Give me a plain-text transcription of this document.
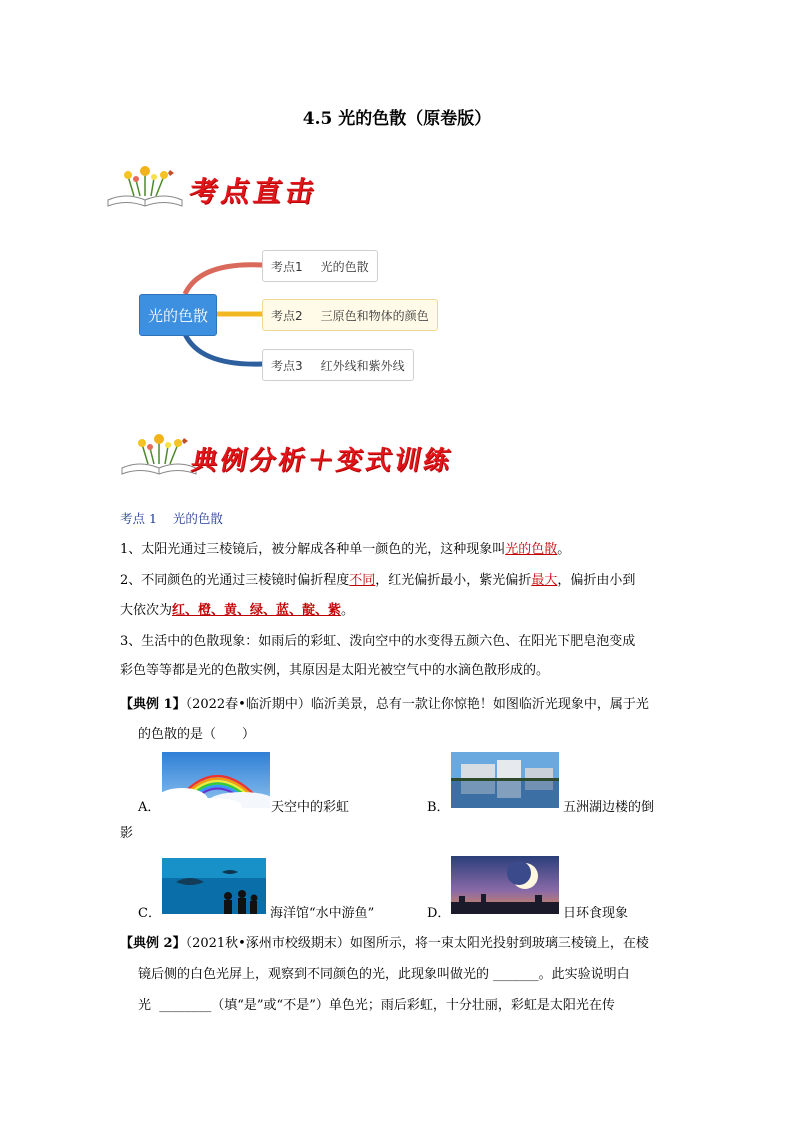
4.5 光的色散（原卷版）
考点直击
光的色散
考点1 光的色散
考点2 三原色和物体的颜色
考点3 红外线和紫外线
典例分析＋变式训练
考点 1    光的色散
1、太阳光通过三棱镜后，被分解成各种单一颜色的光，这种现象叫光的色散。
2、不同颜色的光通过三棱镜时偏折程度不同，红光偏折最小，紫光偏折最大，偏折由小到
大依次为红、橙、黄、绿、蓝、靛、紫。
3、生活中的色散现象：如雨后的彩虹、泼向空中的水变得五颜六色、在阳光下肥皂泡变成
彩色等等都是光的色散实例，其原因是太阳光被空气中的水滴色散形成的。
【典例 1】（2022春•临沂期中）临沂美景，总有一款让你惊艳！如图临沂光现象中，属于光
的色散的是（　　）
A．	天空中的彩虹	B．	五洲湖边楼的倒
影
C．	海洋馆“水中游鱼”	D．	日环食现象
【典例 2】（2021秋•涿州市校级期末）如图所示，将一束太阳光投射到玻璃三棱镜上，在棱
镜后侧的白色光屏上，观察到不同颜色的光，此现象叫做光的 _______。此实验说明白
光  ________（填“是”或“不是”）单色光；雨后彩虹，十分壮丽，彩虹是太阳光在传
